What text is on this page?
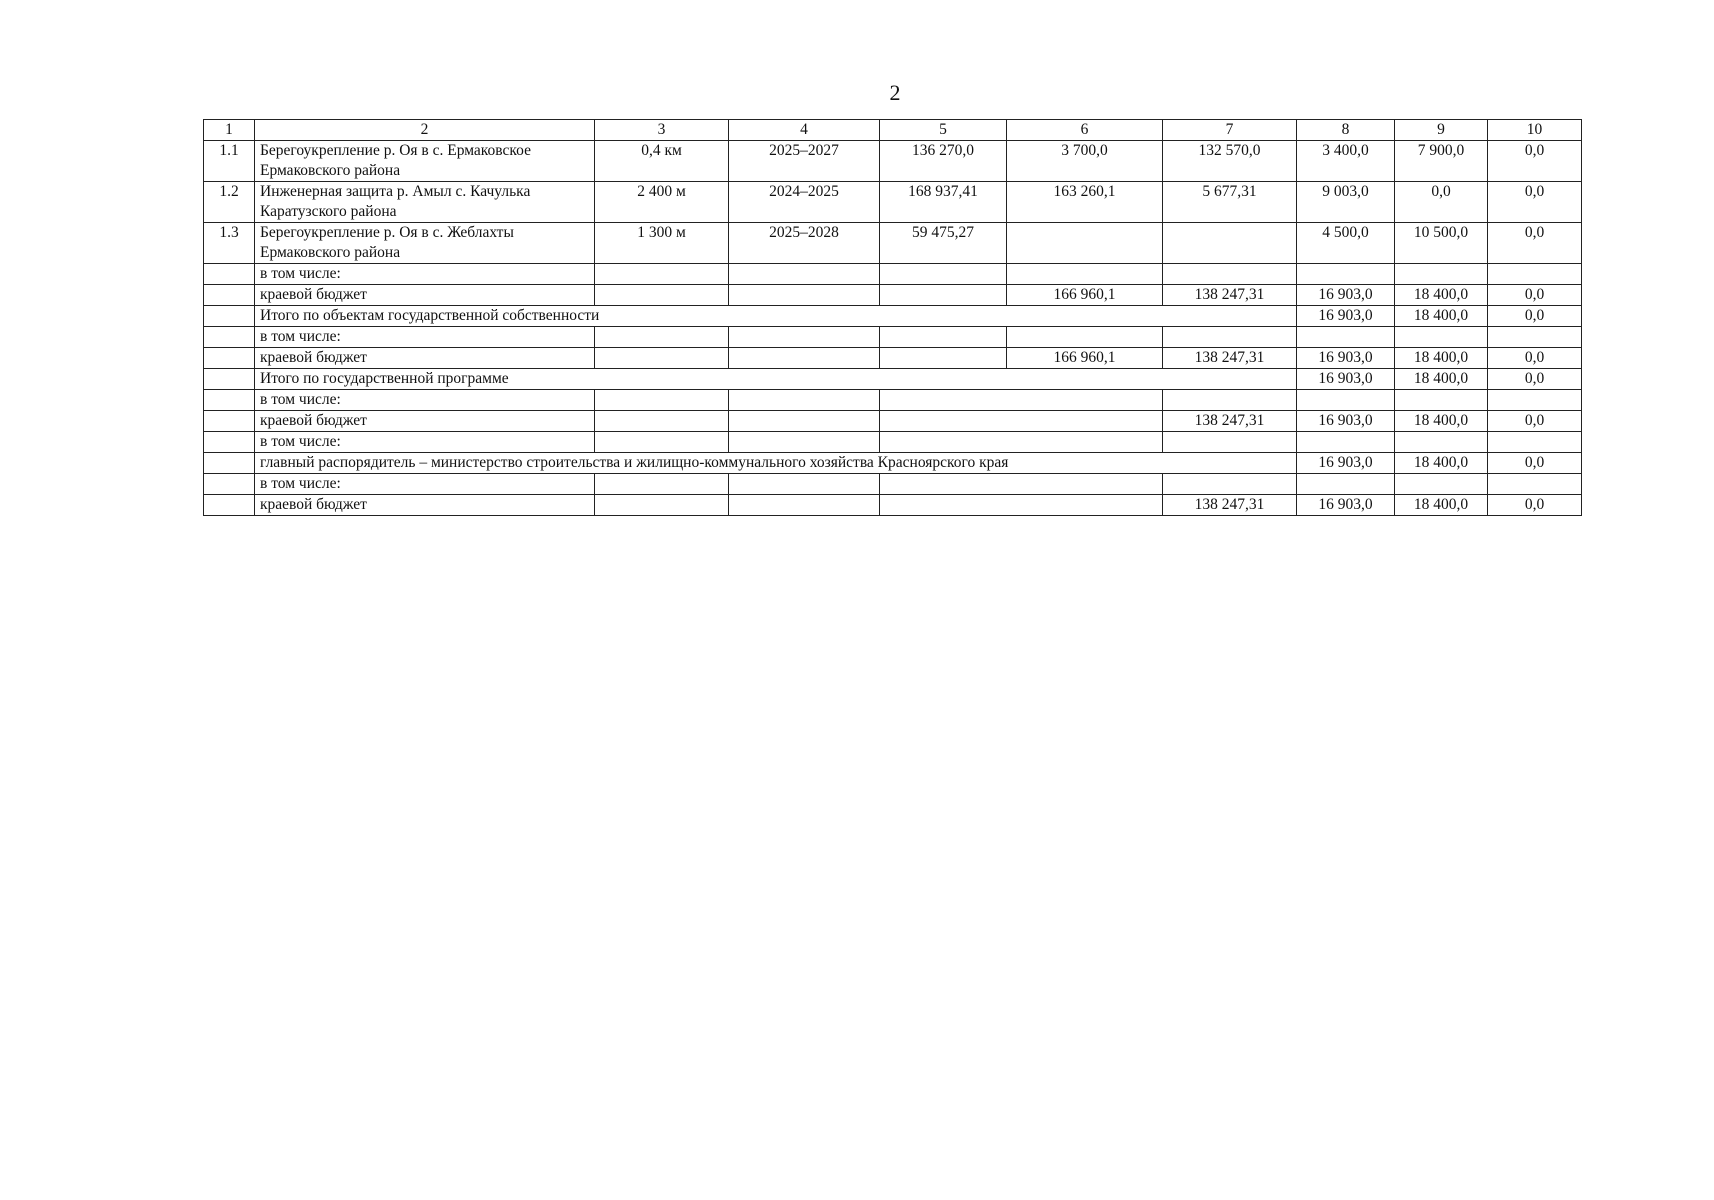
2
1	2	3	4	5	6	7	8	9	10
1.1	Берегоукрепление р. Оя в с. Ермаковское Ермаковского района	0,4 км	2025–2027	136 270,0	3 700,0	132 570,0	3 400,0	7 900,0	0,0
1.2	Инженерная защита р. Амыл с. Качулька Каратузского района	2 400 м	2024–2025	168 937,41	163 260,1	5 677,31	9 003,0	0,0	0,0
1.3	Берегоукрепление р. Оя в с. Жеблахты Ермаковского района	1 300 м	2025–2028	59 475,27			4 500,0	10 500,0	0,0
	в том числе:								
	краевой бюджет				166 960,1	138 247,31	16 903,0	18 400,0	0,0
	Итого по объектам государственной собственности						16 903,0	18 400,0	0,0
	в том числе:								
	краевой бюджет				166 960,1	138 247,31	16 903,0	18 400,0	0,0
	Итого по государственной программе						16 903,0	18 400,0	0,0
	в том числе:								
	краевой бюджет					138 247,31	16 903,0	18 400,0	0,0
	в том числе:								
	главный распорядитель – министерство строительства и жилищно-коммунального хозяйства Красноярского края						16 903,0	18 400,0	0,0
	в том числе:								
	краевой бюджет					138 247,31	16 903,0	18 400,0	0,0
